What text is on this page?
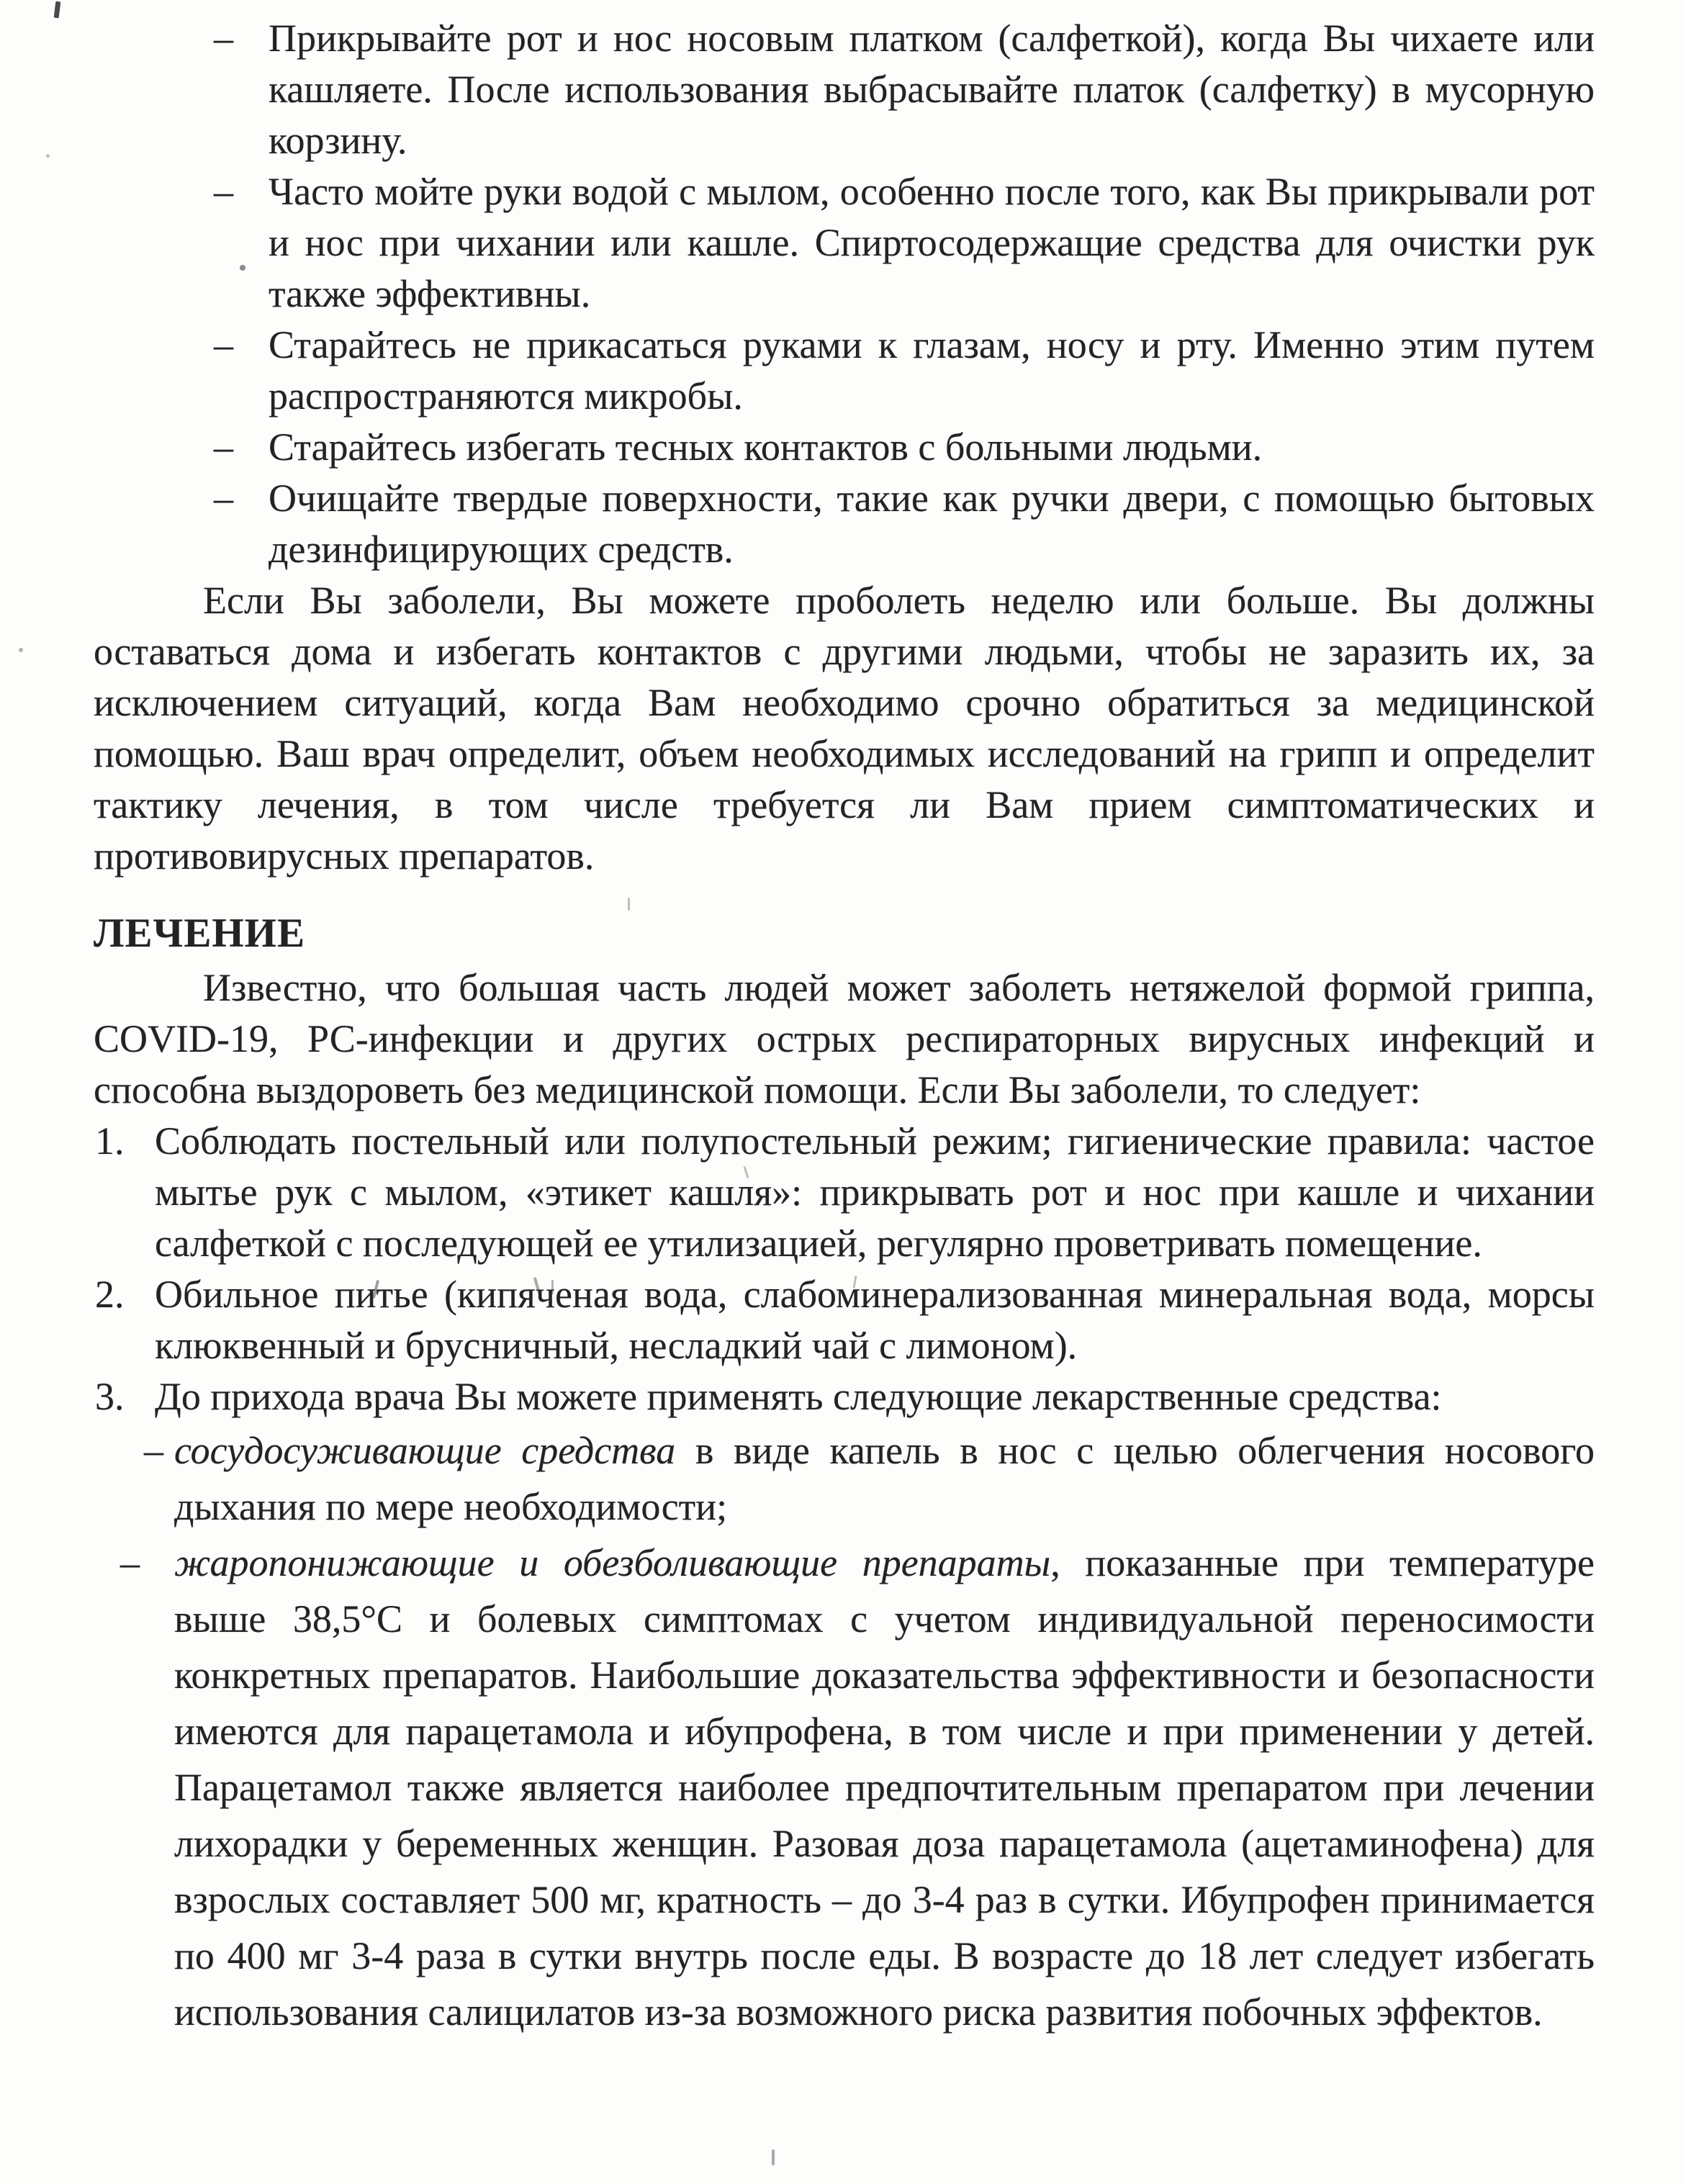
– Прикрывайте рот и нос носовым платком (салфеткой), когда Вы чихаете или кашляете. После использования выбрасывайте платок (салфетку) в мусорную корзину.
– Часто мойте руки водой с мылом, особенно после того, как Вы прикрывали рот и нос при чихании или кашле. Спиртосодержащие средства для очистки рук также эффективны.
– Старайтесь не прикасаться руками к глазам, носу и рту. Именно этим путем распространяются микробы.
– Старайтесь избегать тесных контактов с больными людьми.
– Очищайте твердые поверхности, такие как ручки двери, с помощью бытовых дезинфицирующих средств.

Если Вы заболели, Вы можете проболеть неделю или больше. Вы должны оставаться дома и избегать контактов с другими людьми, чтобы не заразить их, за исключением ситуаций, когда Вам необходимо срочно обратиться за медицинской помощью. Ваш врач определит, объем необходимых исследований на грипп и определит тактику лечения, в том числе требуется ли Вам прием симптоматических и противовирусных препаратов.

ЛЕЧЕНИЕ

Известно, что большая часть людей может заболеть нетяжелой формой гриппа, COVID-19, РС-инфекции и других острых респираторных вирусных инфекций и способна выздороветь без медицинской помощи. Если Вы заболели, то следует:

1. Соблюдать постельный или полупостельный режим; гигиенические правила: частое мытье рук с мылом, «этикет кашля»: прикрывать рот и нос при кашле и чихании салфеткой с последующей ее утилизацией, регулярно проветривать помещение.
2. Обильное питье (кипяченая вода, слабоминерализованная минеральная вода, морсы клюквенный и брусничный, несладкий чай с лимоном).
3. До прихода врача Вы можете применять следующие лекарственные средства:
– сосудосуживающие средства в виде капель в нос с целью облегчения носового дыхания по мере необходимости;
– жаропонижающие и обезболивающие препараты, показанные при температуре выше 38,5°С и болевых симптомах с учетом индивидуальной переносимости конкретных препаратов. Наибольшие доказательства эффективности и безопасности имеются для парацетамола и ибупрофена, в том числе и при применении у детей. Парацетамол также является наиболее предпочтительным препаратом при лечении лихорадки у беременных женщин. Разовая доза парацетамола (ацетаминофена) для взрослых составляет 500 мг, кратность – до 3-4 раз в сутки. Ибупрофен принимается по 400 мг 3-4 раза в сутки внутрь после еды. В возрасте до 18 лет следует избегать использования салицилатов из-за возможного риска развития побочных эффектов.
